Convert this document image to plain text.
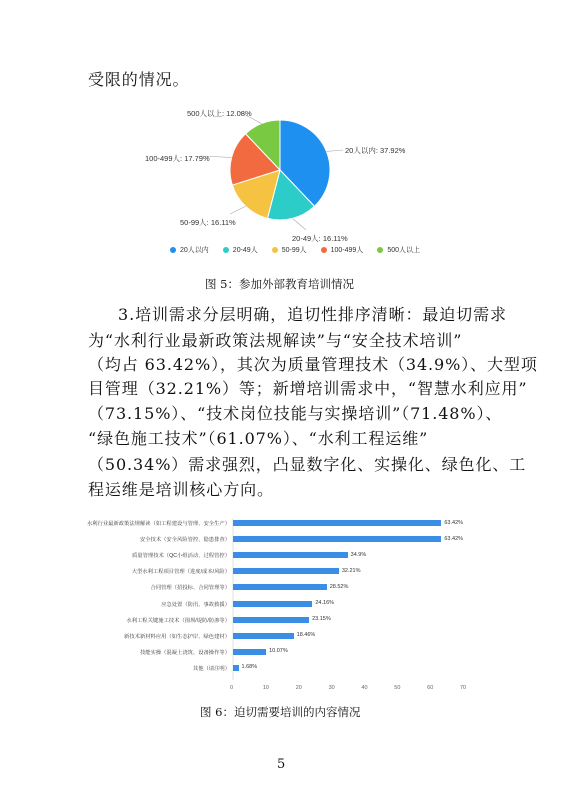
受限的情况。
20人以内: 37.92%
20-49人: 16.11%
50-99人: 16.11%
100-499人: 17.79%
500人以上: 12.08%
20人以内	20-49人	50-99人	100-499人	500人以上
图 5：参加外部教育培训情况
3.培训需求分层明确，追切性排序清晰：最迫切需求
为“水利行业最新政策法规解读”与“安全技术培训”
（均占 63.42%），其次为质量管理技术（34.9%）、大型项
目管理（32.21%）等；新增培训需求中，“智慧水利应用”
（73.15%）、“技术岗位技能与实操培训”（71.48%）、
“绿色施工技术”（61.07%）、“水利工程运维”
（50.34%）需求强烈，凸显数字化、实操化、绿色化、工
程运维是培训核心方向。
水利行业最新政策法规解读（如工程建设与管理、安全生产）	63.42%
安全技术（安全风险管控、隐患排查）	63.42%
质量管理技术（QC小组活动、过程管控）	34.9%
大型水利工程项目管理（进度/成本/风险）	32.21%
合同管理（招投标、合同管理等）	28.52%
应急处置（防汛、事故救援）	24.16%
水利工程关键施工技术（围坝/堤防/防渗等）	23.15%
新技术新材料应用（如生态护岸、绿色建材）	18.46%
技能实操（混凝土浇筑、设备操作等）	10.07%
其他（请注明） 1.68%
0	10	20	30	40	50	60	70
图 6：迫切需要培训的内容情况
5
